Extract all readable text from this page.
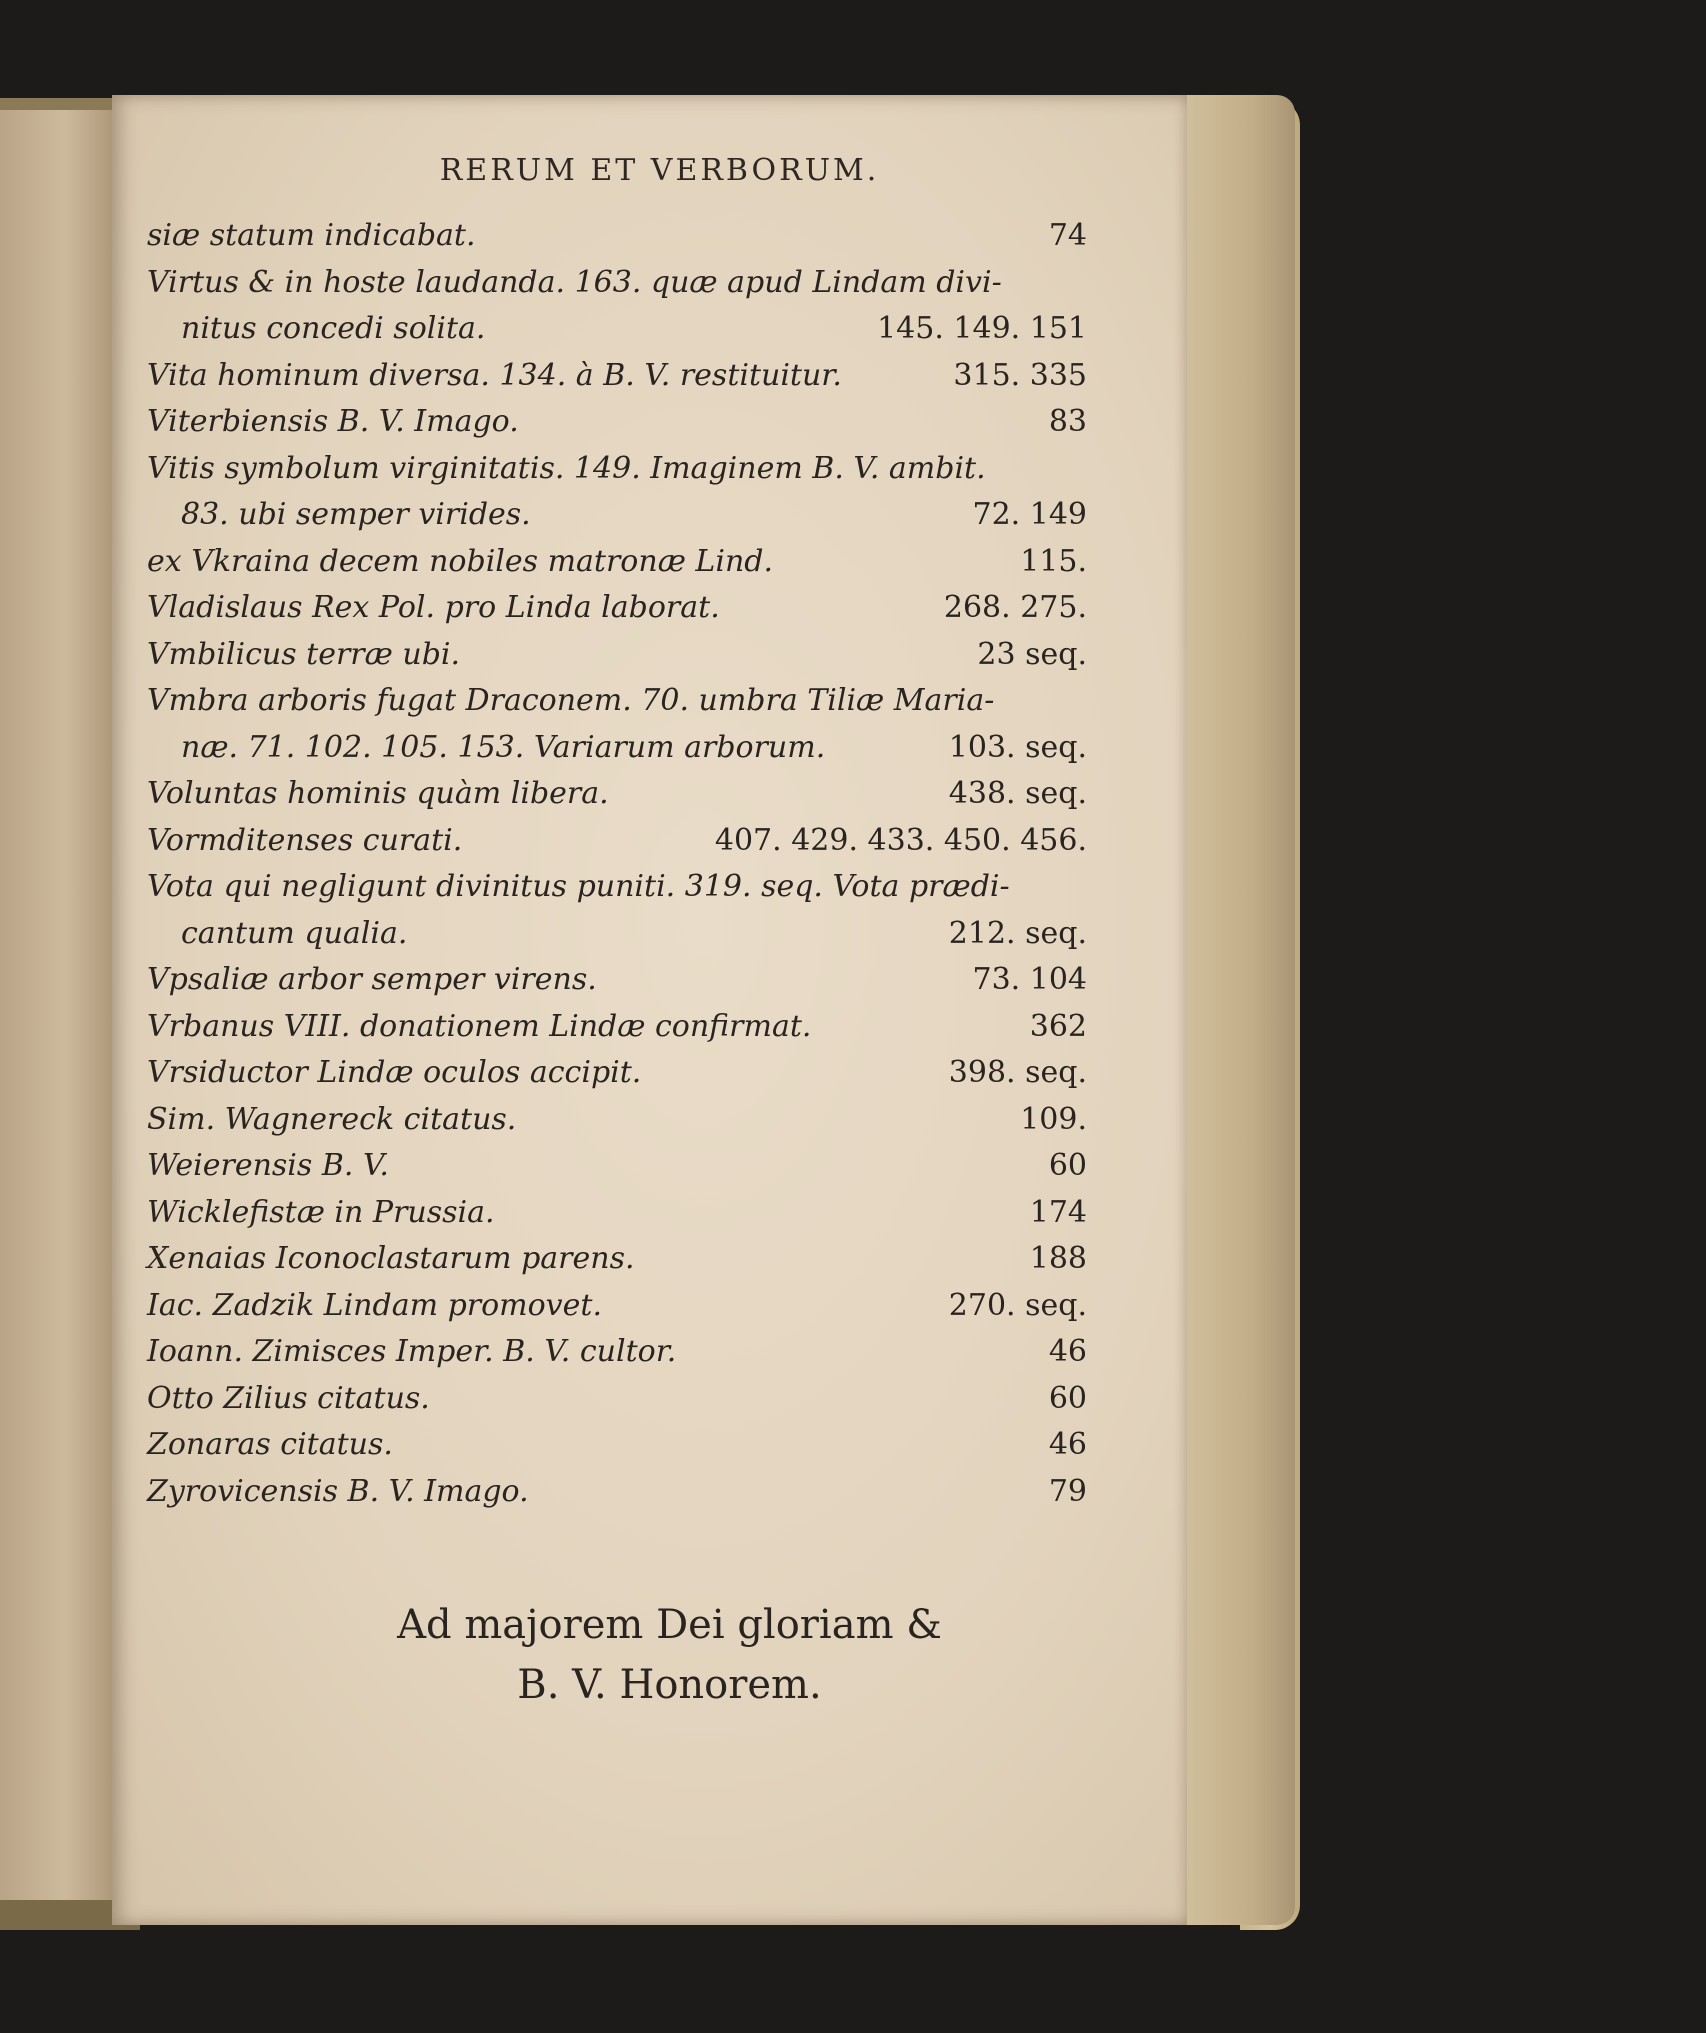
RERUM ET VERBORUM.
siæ statum indicabat.	74
Virtus & in hoste laudanda. 163. quæ apud Lindam divi-
nitus concedi solita.	145. 149. 151
Vita hominum diversa. 134. à B. V. restituitur.	315. 335
Viterbiensis B. V. Imago.	83
Vitis symbolum virginitatis. 149. Imaginem B. V. ambit.
83. ubi semper virides.	72. 149
ex Vkraina decem nobiles matronæ Lind.	115.
Vladislaus Rex Pol. pro Linda laborat.	268. 275.
Vmbilicus terræ ubi.	23 seq.
Vmbra arboris fugat Draconem. 70. umbra Tiliæ Maria-
næ. 71. 102. 105. 153. Variarum arborum.	103. seq.
Voluntas hominis quàm libera.	438. seq.
Vormditenses curati.	407. 429. 433. 450. 456.
Vota qui negligunt divinitus puniti. 319. seq. Vota prædi-
cantum qualia.	212. seq.
Vpsaliæ arbor semper virens.	73. 104
Vrbanus VIII. donationem Lindæ confirmat.	362
Vrsiductor Lindæ oculos accipit.	398. seq.
Sim. Wagnereck citatus.	109.
Weierensis B. V.	60
Wicklefistæ in Prussia.	174
Xenaias Iconoclastarum parens.	188
Iac. Zadzik Lindam promovet.	270. seq.
Ioann. Zimisces Imper. B. V. cultor.	46
Otto Zilius citatus.	60
Zonaras citatus.	46
Zyrovicensis B. V. Imago.	79
Ad majorem Dei gloriam &
B. V. Honorem.
